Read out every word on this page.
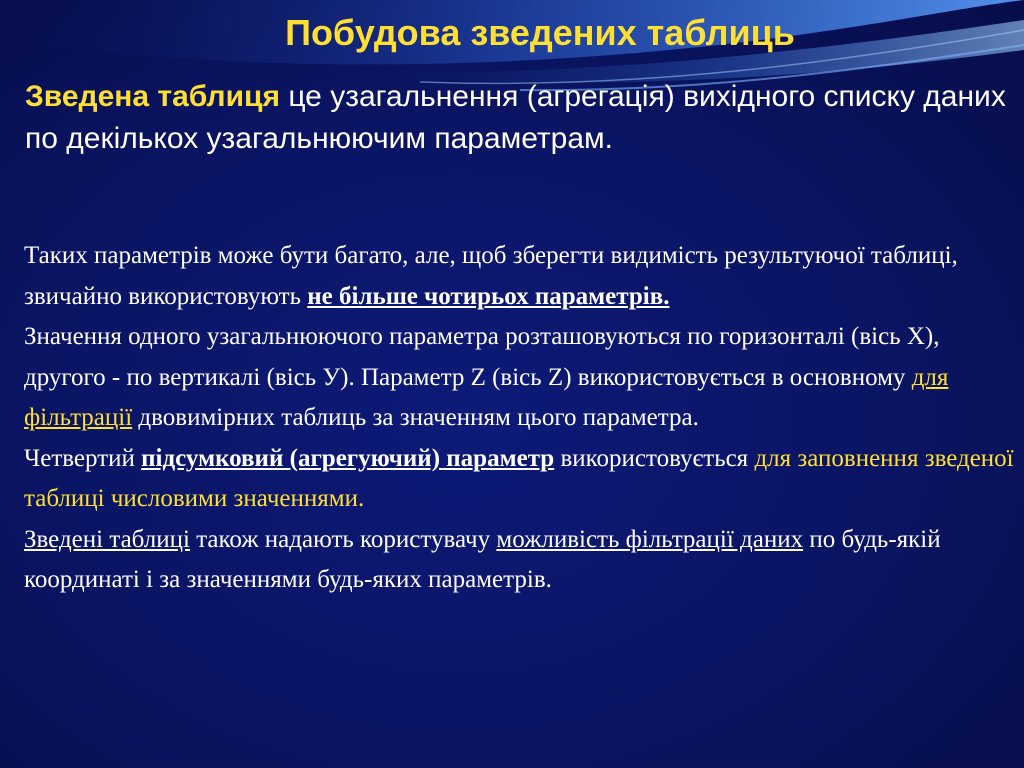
Побудова зведених таблиць

Зведена таблиця це узагальнення (агрегація) вихідного списку даних по декількох узагальнюючим параметрам.

Таких параметрів може бути багато, але, щоб зберегти видимість результуючої таблиці, звичайно використовують не більше чотирьох параметрів.

Значення одного узагальнюючого параметра розташовуються по горизонталі (вісь X), другого - по вертикалі (вісь У). Параметр Z (вісь Z) використовується в основному для фільтрації двовимірних таблиць за значенням цього параметра.

Четвертий підсумковий (агрегуючий) параметр використовується для заповнення зведеної таблиці числовими значеннями.

Зведені таблиці також надають користувачу можливість фільтрації даних по будь-якій координаті і за значеннями будь-яких параметрів.
